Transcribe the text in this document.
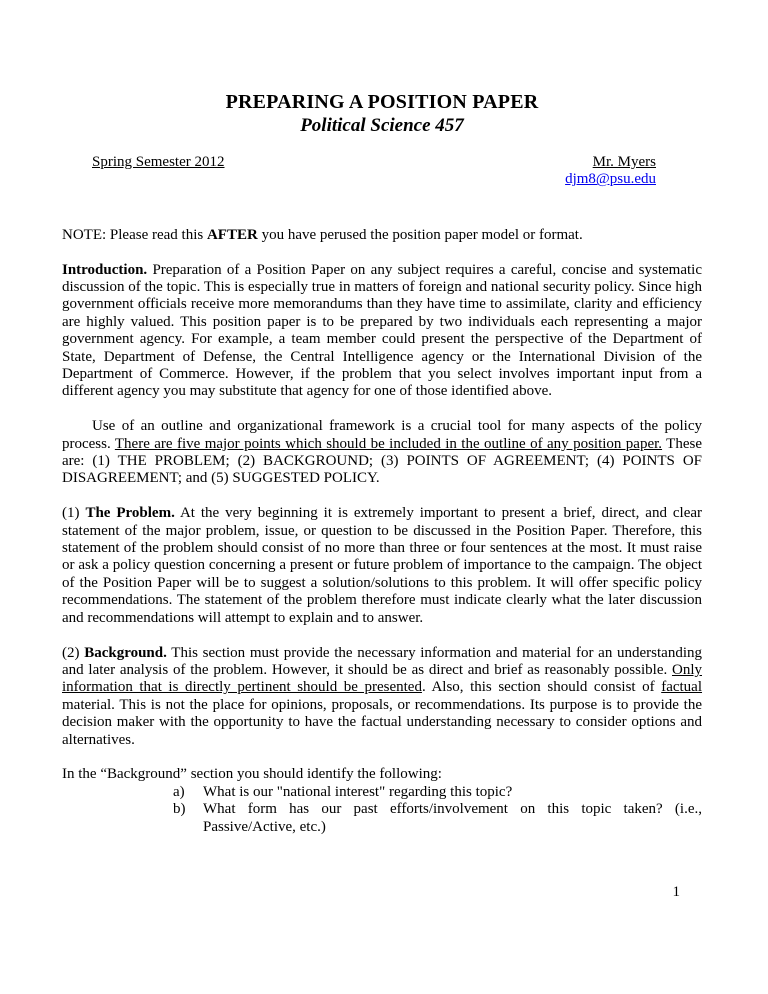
PREPARING A POSITION PAPER
Political Science 457
Spring Semester 2012	Mr. Myers
djm8@psu.edu

NOTE: Please read this AFTER you have perused the position paper model or format.

Introduction. Preparation of a Position Paper on any subject requires a careful, concise and systematic discussion of the topic. This is especially true in matters of foreign and national security policy. Since high government officials receive more memorandums than they have time to assimilate, clarity and efficiency are highly valued. This position paper is to be prepared by two individuals each representing a major government agency. For example, a team member could present the perspective of the Department of State, Department of Defense, the Central Intelligence agency or the International Division of the Department of Commerce. However, if the problem that you select involves important input from a different agency you may substitute that agency for one of those identified above.

Use of an outline and organizational framework is a crucial tool for many aspects of the policy process. There are five major points which should be included in the outline of any position paper. These are: (1) THE PROBLEM; (2) BACKGROUND; (3) POINTS OF AGREEMENT; (4) POINTS OF DISAGREEMENT; and (5) SUGGESTED POLICY.

(1) The Problem. At the very beginning it is extremely important to present a brief, direct, and clear statement of the major problem, issue, or question to be discussed in the Position Paper. Therefore, this statement of the problem should consist of no more than three or four sentences at the most. It must raise or ask a policy question concerning a present or future problem of importance to the campaign. The object of the Position Paper will be to suggest a solution/solutions to this problem. It will offer specific policy recommendations. The statement of the problem therefore must indicate clearly what the later discussion and recommendations will attempt to explain and to answer.

(2) Background. This section must provide the necessary information and material for an understanding and later analysis of the problem. However, it should be as direct and brief as reasonably possible. Only information that is directly pertinent should be presented. Also, this section should consist of factual material. This is not the place for opinions, proposals, or recommendations. Its purpose is to provide the decision maker with the opportunity to have the factual understanding necessary to consider options and alternatives.

In the “Background” section you should identify the following:
a)	What is our "national interest" regarding this topic?
b)	What form has our past efforts/involvement on this topic taken? (i.e., Passive/Active, etc.)
1
